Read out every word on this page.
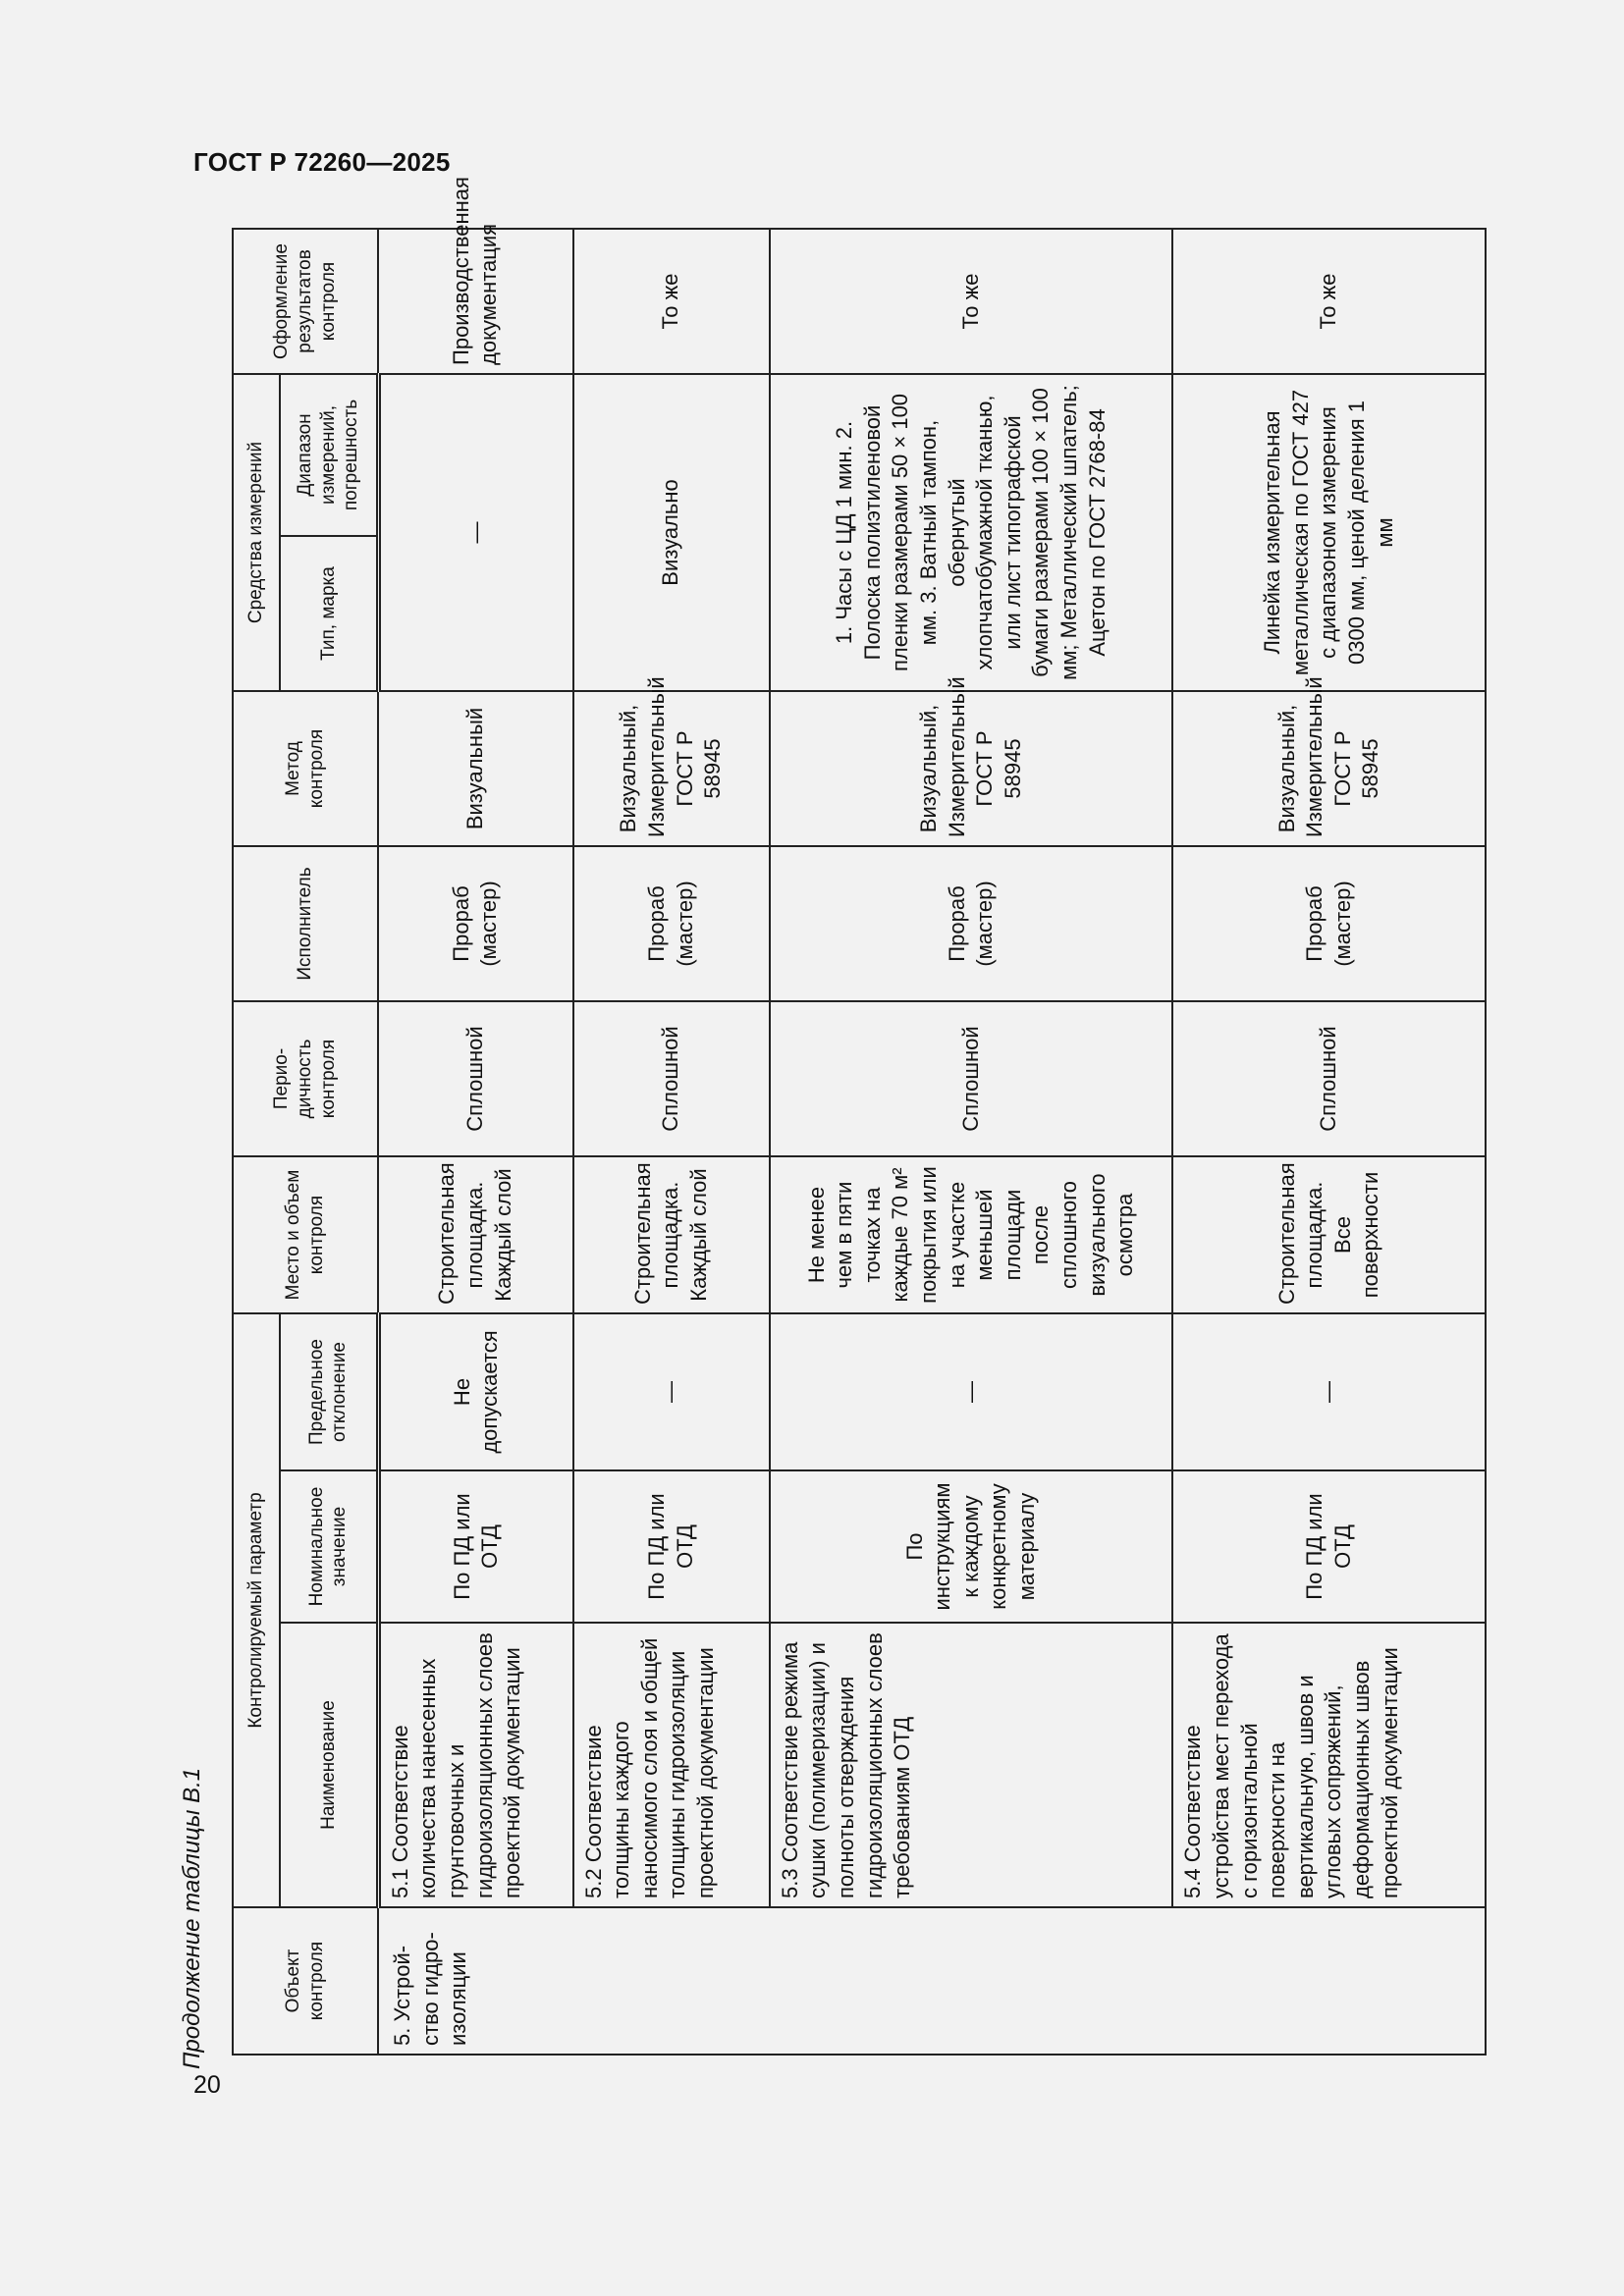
ГОСТ Р 72260—2025
20
Продолжение таблицы В.1	Объект контроля	Контролируемый параметр			Место и объем контроля	Перио-дичность контроля	Исполнитель	Метод контроля	Средства измерений		Оформление результатов контроля
	Наименование	Номинальное значение	Предельное отклонение					Тип, марка	Диапазон измерений, погрешность	
5. Устрой-ство гидро-изоляции	5.1 Соответствие количества нанесенных грунтовочных и гидроизоляционных слоев проектной документации	По ПД или ОТД	Не допускается	Строительная площадка. Каждый слой	Сплошной	Прораб (мастер)	Визуальный	—		Производственная документация
	5.2 Соответствие толщины каждого наносимого слоя и общей толщины гидроизоляции проектной документации	По ПД или ОТД	—	Строительная площадка. Каждый слой	Сплошной	Прораб (мастер)	Визуальный, Измерительный ГОСТ Р 58945	Визуально		То же
	5.3 Соответствие режима сушки (полимеризации) и полноты отверждения гидроизоляционных слоев требованиям ОТД	По инструкциям к каждому конкретному материалу	—	Не менее чем в пяти точках на каждые 70 м² покрытия или на участке меньшей площади после сплошного визуального осмотра	Сплошной	Прораб (мастер)	Визуальный, Измерительный ГОСТ Р 58945	1. Часы с ЦД 1 мин. 2. Полоска полиэтиленовой пленки размерами 50 × 100 мм. 3. Ватный тампон, обернутый хлопчатобумажной тканью, или лист типографской бумаги размерами 100 × 100 мм; Металлический шпатель; Ацетон по ГОСТ 2768-84		То же
	5.4 Соответствие устройства мест перехода с горизонтальной поверхности на вертикальную, швов и угловых сопряжений, деформационных швов проектной документации	По ПД или ОТД	—	Строительная площадка. Все поверхности	Сплошной	Прораб (мастер)	Визуальный, Измерительный ГОСТ Р 58945	Линейка измерительная металлическая по ГОСТ 427 с диапазоном измерения 0300 мм, ценой деления 1 мм		То же
